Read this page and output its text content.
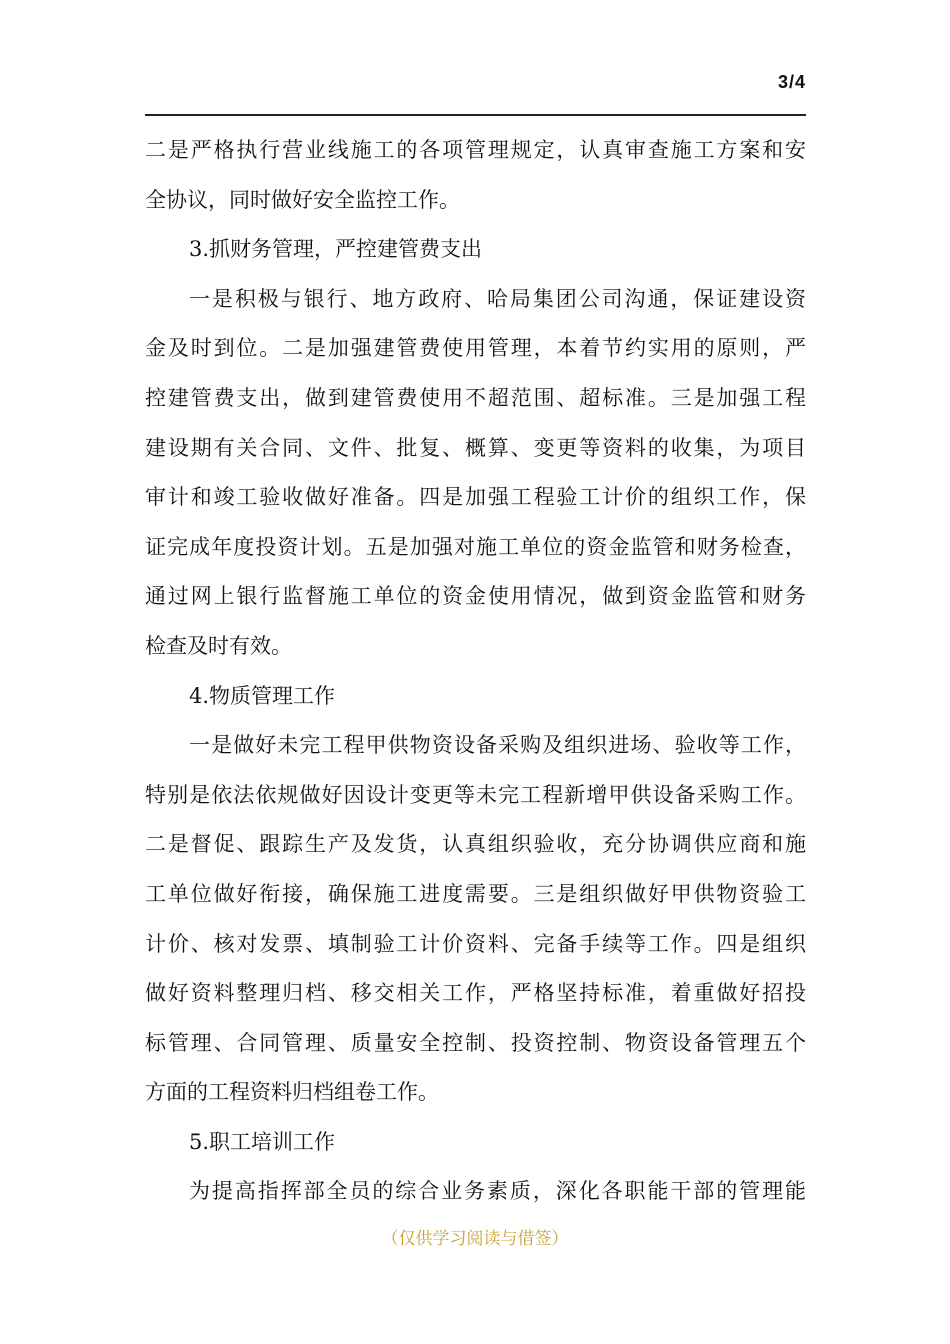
3/4
二是严格执行营业线施工的各项管理规定，认真审查施工方案和安
全协议，同时做好安全监控工作。
3.抓财务管理，严控建管费支出
一是积极与银行、地方政府、哈局集团公司沟通，保证建设资
金及时到位。二是加强建管费使用管理，本着节约实用的原则，严
控建管费支出，做到建管费使用不超范围、超标准。三是加强工程
建设期有关合同、文件、批复、概算、变更等资料的收集，为项目
审计和竣工验收做好准备。四是加强工程验工计价的组织工作，保
证完成年度投资计划。五是加强对施工单位的资金监管和财务检查，
通过网上银行监督施工单位的资金使用情况，做到资金监管和财务
检查及时有效。
4.物质管理工作
一是做好未完工程甲供物资设备采购及组织进场、验收等工作，
特别是依法依规做好因设计变更等未完工程新增甲供设备采购工作。
二是督促、跟踪生产及发货，认真组织验收，充分协调供应商和施
工单位做好衔接，确保施工进度需要。三是组织做好甲供物资验工
计价、核对发票、填制验工计价资料、完备手续等工作。四是组织
做好资料整理归档、移交相关工作，严格坚持标准，着重做好招投
标管理、合同管理、质量安全控制、投资控制、物资设备管理五个
方面的工程资料归档组卷工作。
5.职工培训工作
为提高指挥部全员的综合业务素质，深化各职能干部的管理能
（仅供学习阅读与借签）
